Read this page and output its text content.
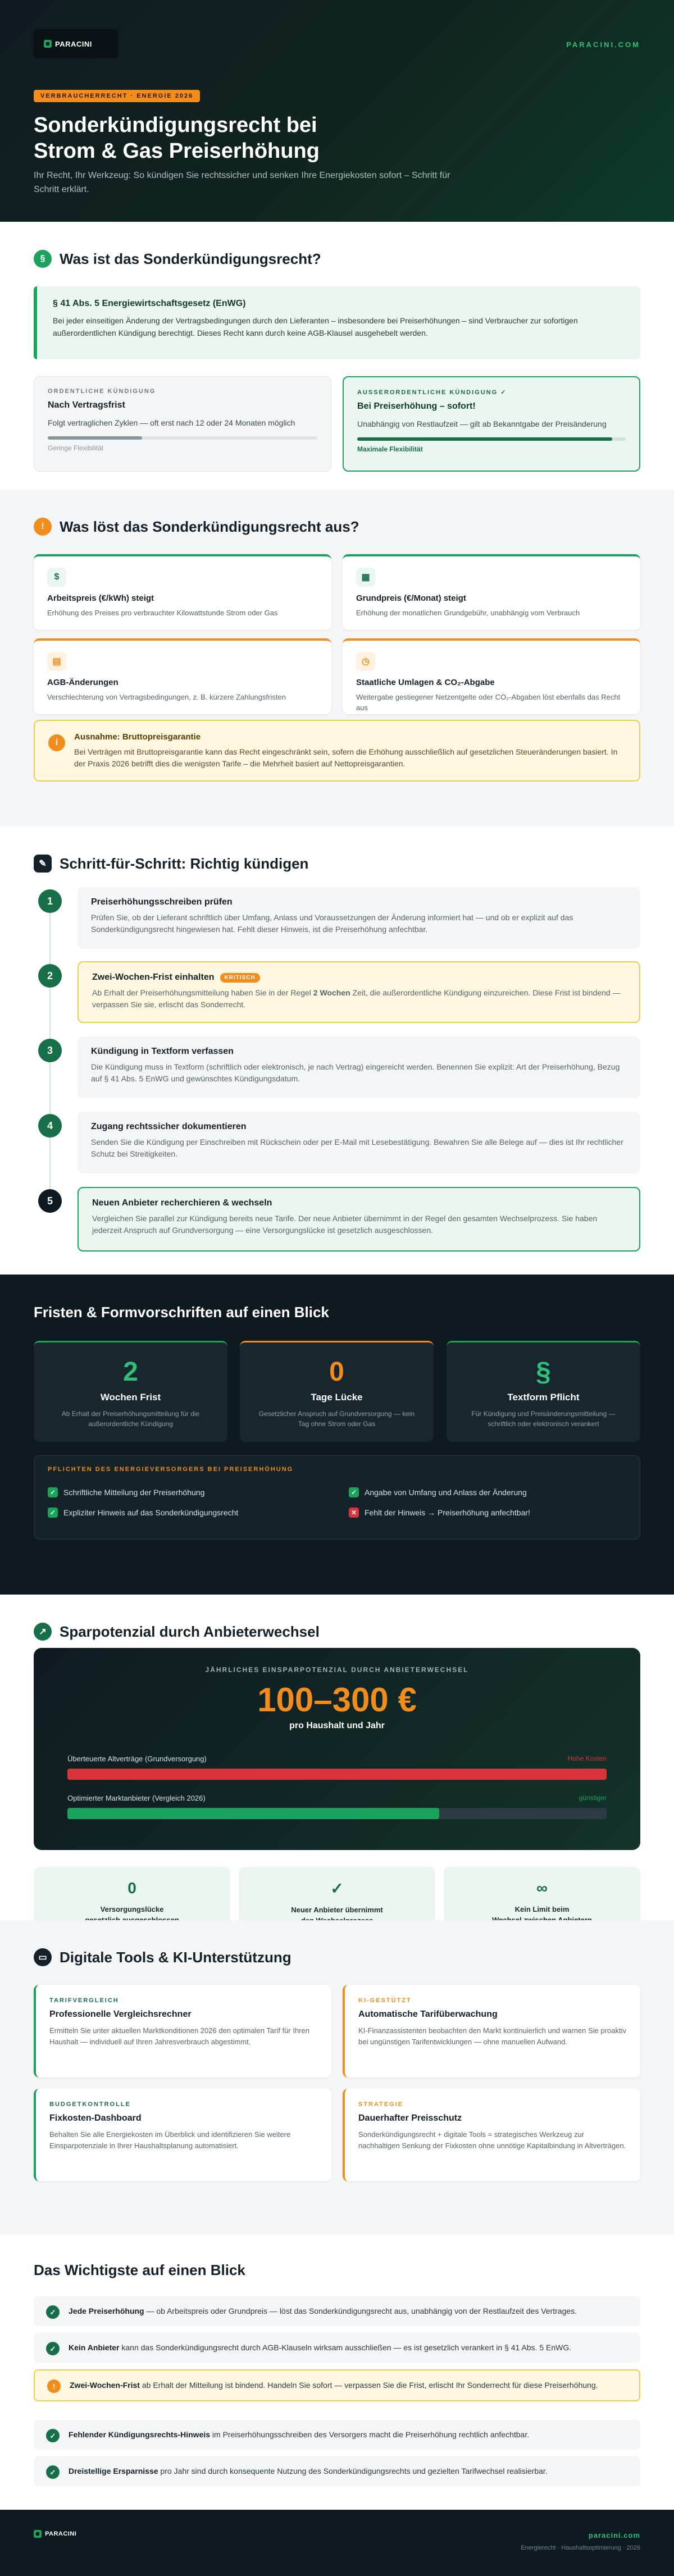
PARACINI	PARACINI.COM
VERBRAUCHERRECHT · ENERGIE 2026
Sonderkündigungsrecht bei
Strom & Gas Preiserhöhung

Ihr Recht, Ihr Werkzeug: So kündigen Sie rechtssicher und senken Ihre Energiekosten sofort – Schritt für Schritt erklärt.

§ Was ist das Sonderkündigungsrecht?
§ 41 Abs. 5 Energiewirtschaftsgesetz (EnWG)
Bei jeder einseitigen Änderung der Vertragsbedingungen durch den Lieferanten – insbesondere bei Preiserhöhungen – sind Verbraucher zur sofortigen außerordentlichen Kündigung berechtigt. Dieses Recht kann durch keine AGB-Klausel ausgehebelt werden.
ORDENTLICHE KÜNDIGUNG
Nach Vertragsfrist
Folgt vertraglichen Zyklen — oft erst nach 12 oder 24 Monaten möglich
Geringe Flexibilität
AUSSERORDENTLICHE KÜNDIGUNG ✓
Bei Preiserhöhung – sofort!
Unabhängig von Restlaufzeit — gilt ab Bekanntgabe der Preisänderung
Maximale Flexibilität
!	Was löst das Sonderkündigungsrecht aus?
$
Arbeitspreis (€/kWh) steigt
Erhöhung des Preises pro verbrauchter Kilowattstunde Strom oder Gas
▦
Grundpreis (€/Monat) steigt
Erhöhung der monatlichen Grundgebühr, unabhängig vom Verbrauch
▤
AGB-Änderungen
Verschlechterung von Vertragsbedingungen, z. B. kürzere Zahlungsfristen
◷
Staatliche Umlagen & CO₂-Abgabe
Weitergabe gestiegener Netzentgelte oder CO₂-Abgaben löst ebenfalls das Recht aus
i
Ausnahme: Bruttopreisgarantie
Bei Verträgen mit Bruttopreisgarantie kann das Recht eingeschränkt sein, sofern die Erhöhung ausschließlich auf gesetzlichen Steueränderungen basiert. In der Praxis 2026 betrifft dies die wenigsten Tarife – die Mehrheit basiert auf Nettopreisgarantien.
✎ Schritt-für-Schritt: Richtig kündigen
1	Preiserhöhungsschreiben prüfen
Prüfen Sie, ob der Lieferant schriftlich über Umfang, Anlass und Voraussetzungen der Änderung informiert hat — und ob er explizit auf das Sonderkündigungsrecht hingewiesen hat. Fehlt dieser Hinweis, ist die Preiserhöhung anfechtbar.
2	Zwei-Wochen-Frist einhalten	KRITISCH
Ab Erhalt der Preiserhöhungsmitteilung haben Sie in der Regel 2 Wochen Zeit, die außerordentliche Kündigung einzureichen. Diese Frist ist bindend — verpassen Sie sie, erlischt das Sonderrecht.
3	Kündigung in Textform verfassen
Die Kündigung muss in Textform (schriftlich oder elektronisch, je nach Vertrag) eingereicht werden. Benennen Sie explizit: Art der Preiserhöhung, Bezug auf § 41 Abs. 5 EnWG und gewünschtes Kündigungsdatum.
4	Zugang rechtssicher dokumentieren
Senden Sie die Kündigung per Einschreiben mit Rückschein oder per E-Mail mit Lesebestätigung. Bewahren Sie alle Belege auf — dies ist Ihr rechtlicher Schutz bei Streitigkeiten.
5	Neuen Anbieter recherchieren & wechseln
Vergleichen Sie parallel zur Kündigung bereits neue Tarife. Der neue Anbieter übernimmt in der Regel den gesamten Wechselprozess. Sie haben jederzeit Anspruch auf Grundversorgung — eine Versorgungslücke ist gesetzlich ausgeschlossen.
Fristen & Formvorschriften auf einen Blick
2
Wochen Frist
Ab Erhalt der Preiserhöhungsmitteilung für die außerordentliche Kündigung
0
Tage Lücke
Gesetzlicher Anspruch auf Grundversorgung — kein Tag ohne Strom oder Gas
§
Textform Pflicht
Für Kündigung und Preisänderungsmitteilung — schriftlich oder elektronisch verankert
PFLICHTEN DES ENERGIEVERSORGERS BEI PREISERHÖHUNG
✓ Schriftliche Mitteilung der Preiserhöhung	✓ Angabe von Umfang und Anlass der Änderung
✓ Expliziter Hinweis auf das Sonderkündigungsrecht	✕ Fehlt der Hinweis → Preiserhöhung anfechtbar!
↗ Sparpotenzial durch Anbieterwechsel
JÄHRLICHES EINSPARPOTENZIAL DURCH ANBIETERWECHSEL
100–300 €
pro Haushalt und Jahr
Überteuerte Altverträge (Grundversorgung)	Hohe Kosten
Optimierter Marktanbieter (Vergleich 2026)	günstiger
0
Versorgungslücke

✓
Neuer Anbieter übernimmt

∞
Kein Limit beim

▭ Digitale Tools & KI-Unterstützung
TARIFVERGLEICH
Professionelle Vergleichsrechner
Ermitteln Sie unter aktuellen Marktkonditionen 2026 den optimalen Tarif für Ihren Haushalt — individuell auf Ihren Jahresverbrauch abgestimmt.
KI-GESTÜTZT
Automatische Tarifüberwachung
KI-Finanzassistenten beobachten den Markt kontinuierlich und warnen Sie proaktiv bei ungünstigen Tarifentwicklungen — ohne manuellen Aufwand.
BUDGETKONTROLLE
Fixkosten-Dashboard
Behalten Sie alle Energiekosten im Überblick und identifizieren Sie weitere Einsparpotenziale in Ihrer Haushaltsplanung automatisiert.
STRATEGIE
Dauerhafter Preisschutz
Sonderkündigungsrecht + digitale Tools = strategisches Werkzeug zur nachhaltigen Senkung der Fixkosten ohne unnötige Kapitalbindung in Altverträgen.
Das Wichtigste auf einen Blick
✓	Jede Preiserhöhung — ob Arbeitspreis oder Grundpreis — löst das Sonderkündigungsrecht aus, unabhängig von der Restlaufzeit des Vertrages.
✓	Kein Anbieter kann das Sonderkündigungsrecht durch AGB-Klauseln wirksam ausschließen — es ist gesetzlich verankert in § 41 Abs. 5 EnWG.
!	Zwei-Wochen-Frist ab Erhalt der Mitteilung ist bindend. Handeln Sie sofort — verpassen Sie die Frist, erlischt Ihr Sonderrecht für diese Preiserhöhung.
✓	Fehlender Kündigungsrechts-Hinweis im Preiserhöhungsschreiben des Versorgers macht die Preiserhöhung rechtlich anfechtbar.
✓	Dreistellige Ersparnisse pro Jahr sind durch konsequente Nutzung des Sonderkündigungsrechts und gezielten Tarifwechsel realisierbar.
PARACINI	paracini.com
Energierecht · Haushaltsoptimierung · 2026
